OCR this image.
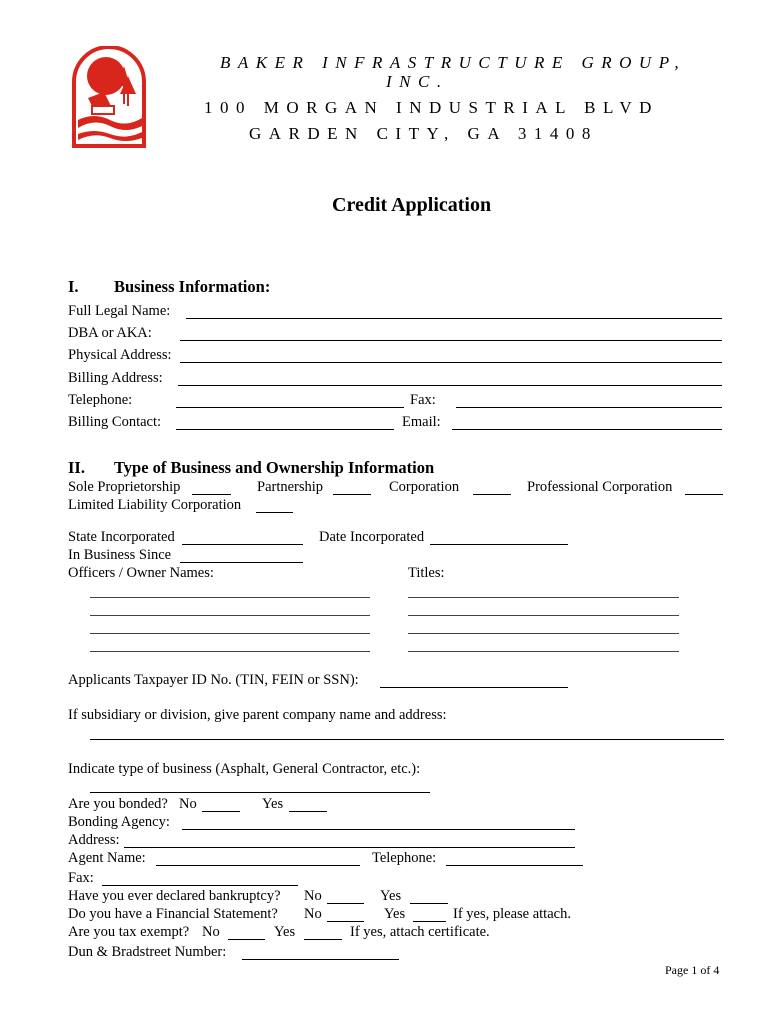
BAKER INFRASTRUCTURE GROUP,
INC.
100 MORGAN INDUSTRIAL BLVD
GARDEN CITY, GA 31408
Credit Application
I. Business Information:
Full Legal Name:
DBA or AKA:
Physical Address:
Billing Address:
Telephone:	Fax:
Billing Contact:	Email:
II. Type of Business and Ownership Information
Sole Proprietorship	Partnership	Corporation	Professional Corporation
Limited Liability Corporation
State Incorporated	Date Incorporated
In Business Since
Officers / Owner Names:	Titles:
Applicants Taxpayer ID No. (TIN, FEIN or SSN):
If subsidiary or division, give parent company name and address:
Indicate type of business (Asphalt, General Contractor, etc.):
Are you bonded? No	Yes
Bonding Agency:
Address:
Agent Name:	Telephone:
Fax:
Have you ever declared bankruptcy? No	Yes
Do you have a Financial Statement? No	Yes	If yes, please attach.
Are you tax exempt? No	Yes	If yes, attach certificate.
Dun & Bradstreet Number:
Page 1 of 4
